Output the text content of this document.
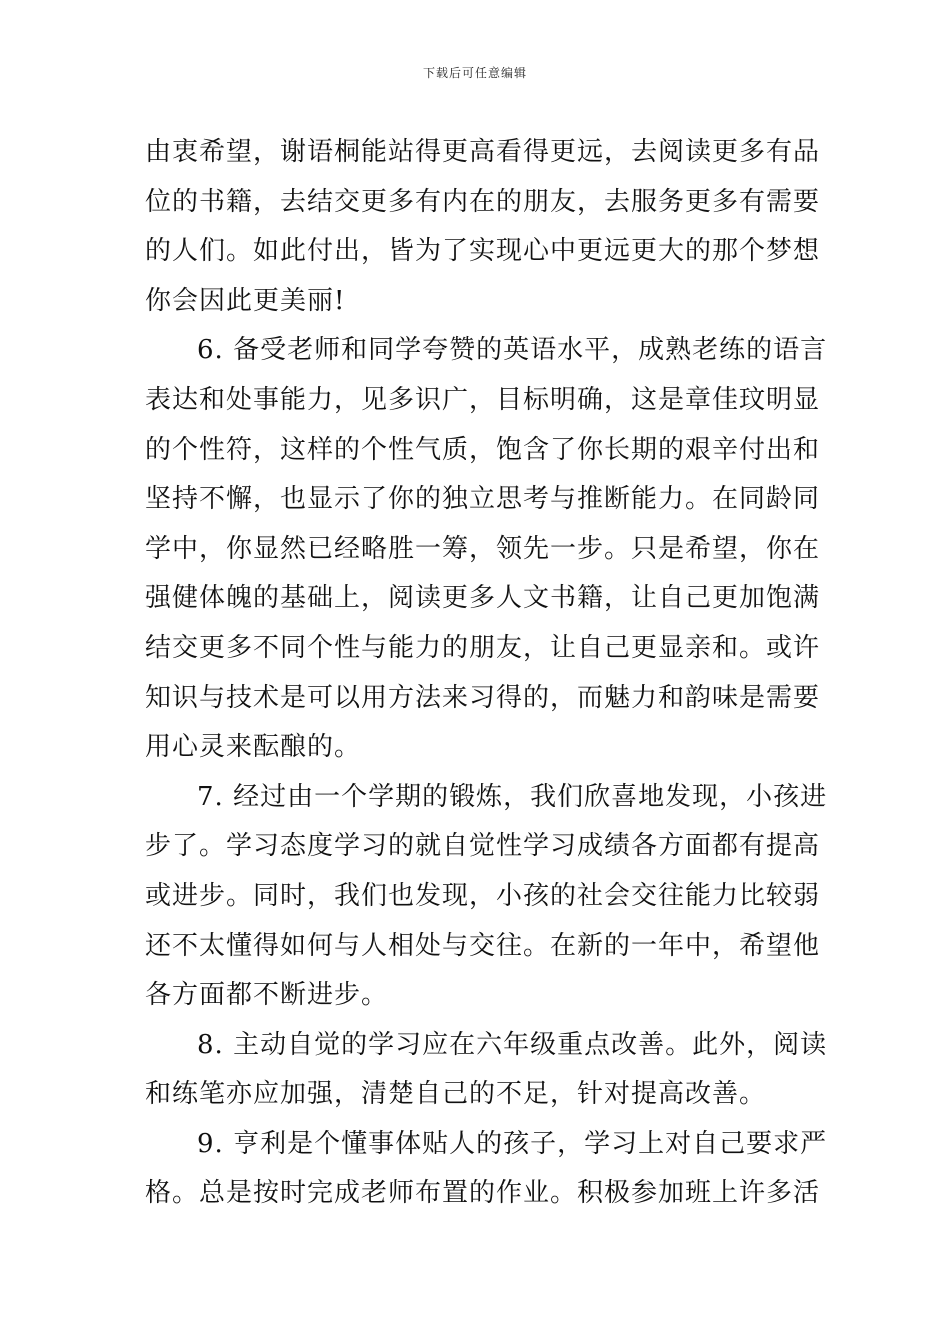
下载后可任意编辑
由衷希望，谢语桐能站得更高看得更远，去阅读更多有品
位的书籍，去结交更多有内在的朋友，去服务更多有需要
的人们。如此付出，皆为了实现心中更远更大的那个梦想
你会因此更美丽!
6. 备受老师和同学夸赞的英语水平，成熟老练的语言
表达和处事能力，见多识广，目标明确，这是章佳玟明显
的个性符，这样的个性气质，饱含了你长期的艰辛付出和
坚持不懈，也显示了你的独立思考与推断能力。在同龄同
学中，你显然已经略胜一筹，领先一步。只是希望，你在
强健体魄的基础上，阅读更多人文书籍，让自己更加饱满
结交更多不同个性与能力的朋友，让自己更显亲和。或许
知识与技术是可以用方法来习得的，而魅力和韵味是需要
用心灵来酝酿的。
7. 经过由一个学期的锻炼，我们欣喜地发现，小孩进
步了。学习态度学习的就自觉性学习成绩各方面都有提高
或进步。同时，我们也发现，小孩的社会交往能力比较弱
还不太懂得如何与人相处与交往。在新的一年中，希望他
各方面都不断进步。
8. 主动自觉的学习应在六年级重点改善。此外，阅读
和练笔亦应加强，清楚自己的不足，针对提高改善。
9. 亨利是个懂事体贴人的孩子，学习上对自己要求严
格。总是按时完成老师布置的作业。积极参加班上许多活
